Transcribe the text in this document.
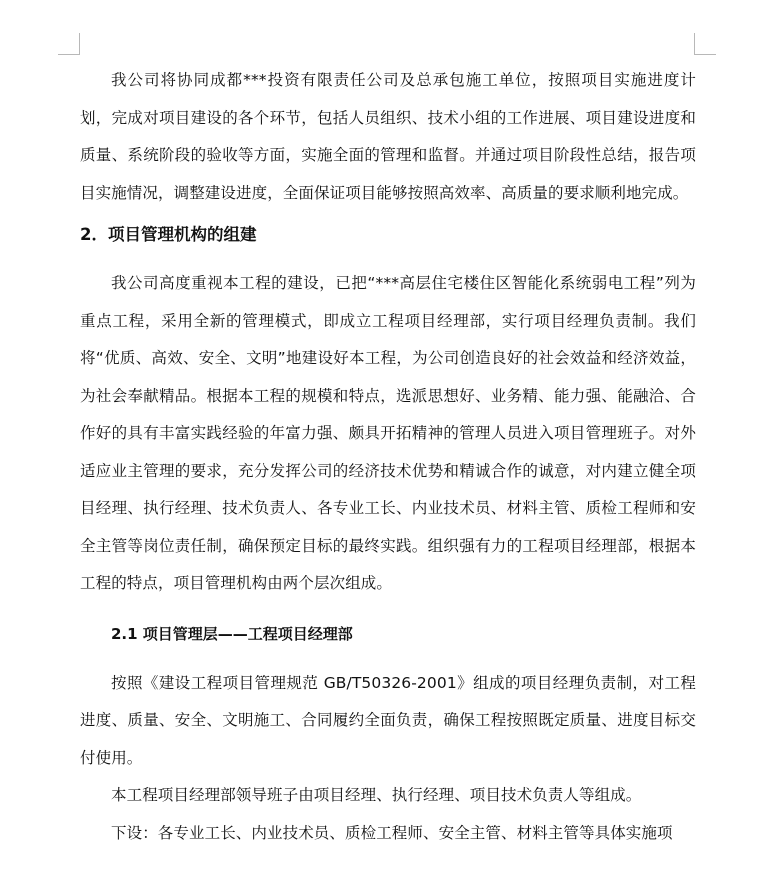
我公司将协同成都***投资有限责任公司及总承包施工单位，按照项目实施进度计划，完成对项目建设的各个环节，包括人员组织、技术小组的工作进展、项目建设进度和质量、系统阶段的验收等方面，实施全面的管理和监督。并通过项目阶段性总结，报告项目实施情况，调整建设进度，全面保证项目能够按照高效率、高质量的要求顺利地完成。

2．项目管理机构的组建

我公司高度重视本工程的建设，已把“***高层住宅楼住区智能化系统弱电工程”列为重点工程，采用全新的管理模式，即成立工程项目经理部，实行项目经理负责制。我们将“优质、高效、安全、文明”地建设好本工程，为公司创造良好的社会效益和经济效益，为社会奉献精品。根据本工程的规模和特点，选派思想好、业务精、能力强、能融洽、合作好的具有丰富实践经验的年富力强、颇具开拓精神的管理人员进入项目管理班子。对外适应业主管理的要求，充分发挥公司的经济技术优势和精诚合作的诚意，对内建立健全项目经理、执行经理、技术负责人、各专业工长、内业技术员、材料主管、质检工程师和安全主管等岗位责任制，确保预定目标的最终实践。组织强有力的工程项目经理部，根据本工程的特点，项目管理机构由两个层次组成。

2.1 项目管理层——工程项目经理部

按照《建设工程项目管理规范 GB/T50326-2001》组成的项目经理负责制，对工程进度、质量、安全、文明施工、合同履约全面负责，确保工程按照既定质量、进度目标交付使用。

本工程项目经理部领导班子由项目经理、执行经理、项目技术负责人等组成。

下设：各专业工长、内业技术员、质检工程师、安全主管、材料主管等具体实施项
